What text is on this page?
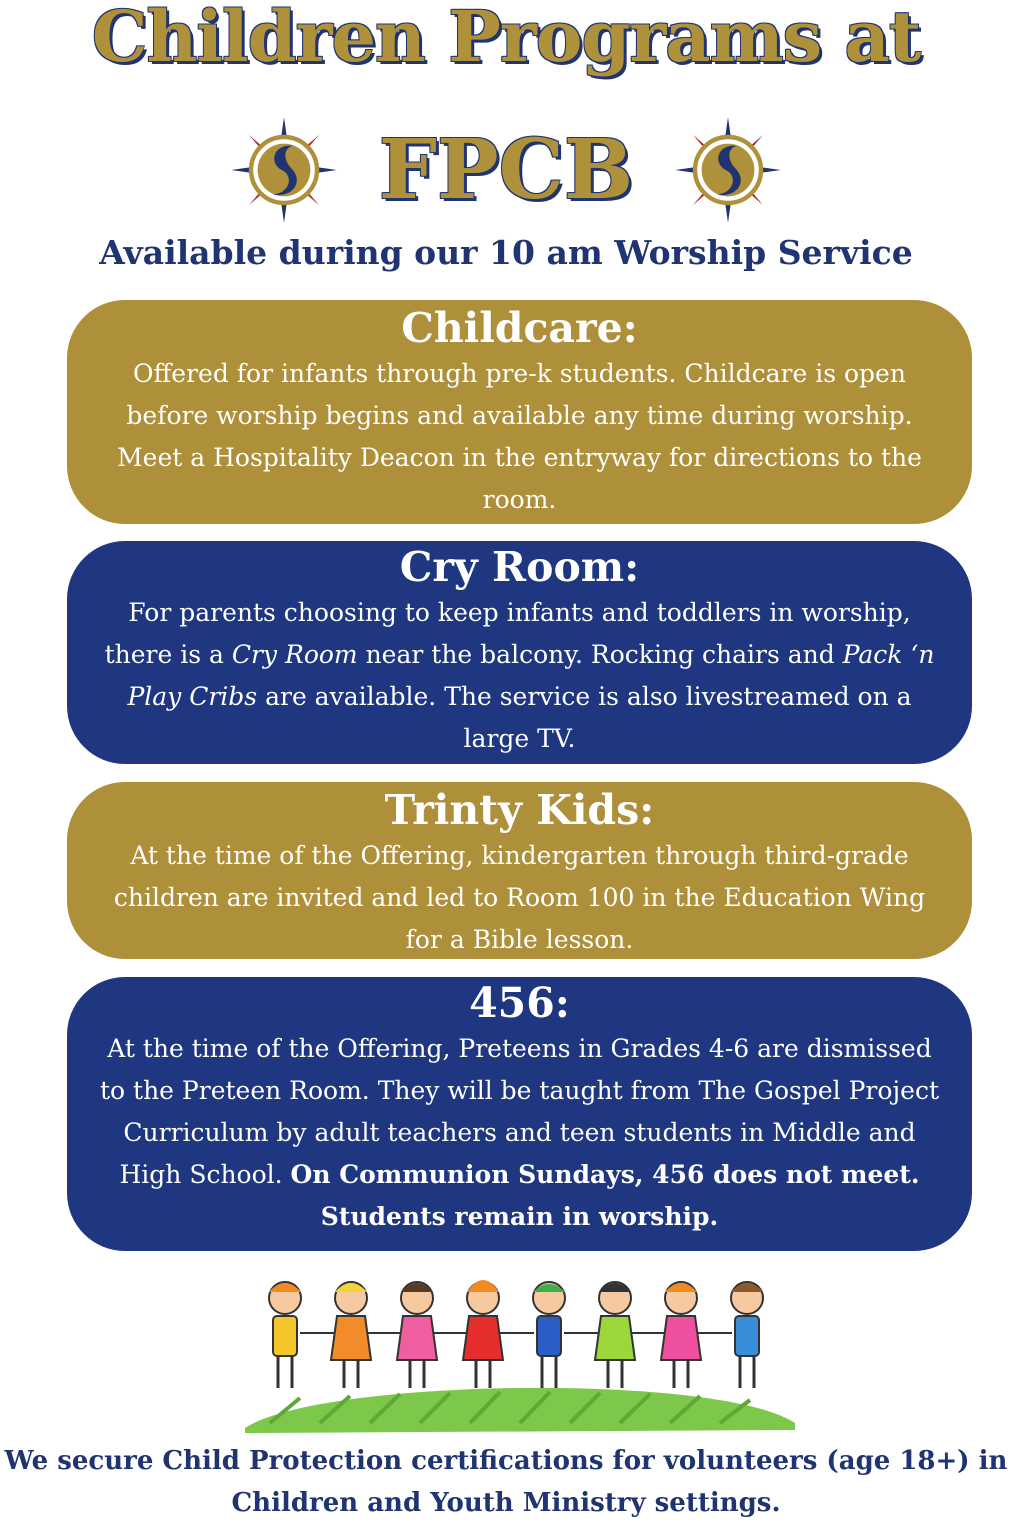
Children Programs at
FPCB

Available during our 10 am Worship Service

Childcare:

Offered for infants through pre-k students. Childcare is open before worship begins and available any time during worship. Meet a Hospitality Deacon in the entryway for directions to the room.

Cry Room:

For parents choosing to keep infants and toddlers in worship, there is a Cry Room near the balcony. Rocking chairs and Pack ‘n Play Cribs are available. The service is also livestreamed on a large TV.

Trinty Kids:

At the time of the Offering, kindergarten through third-grade children are invited and led to Room 100 in the Education Wing for a Bible lesson.

456:

At the time of the Offering, Preteens in Grades 4-6 are dismissed to the Preteen Room. They will be taught from The Gospel Project Curriculum by adult teachers and teen students in Middle and High School. On Communion Sundays, 456 does not meet. Students remain in worship.

We secure Child Protection certifications for volunteers (age 18+) in Children and Youth Ministry settings.
